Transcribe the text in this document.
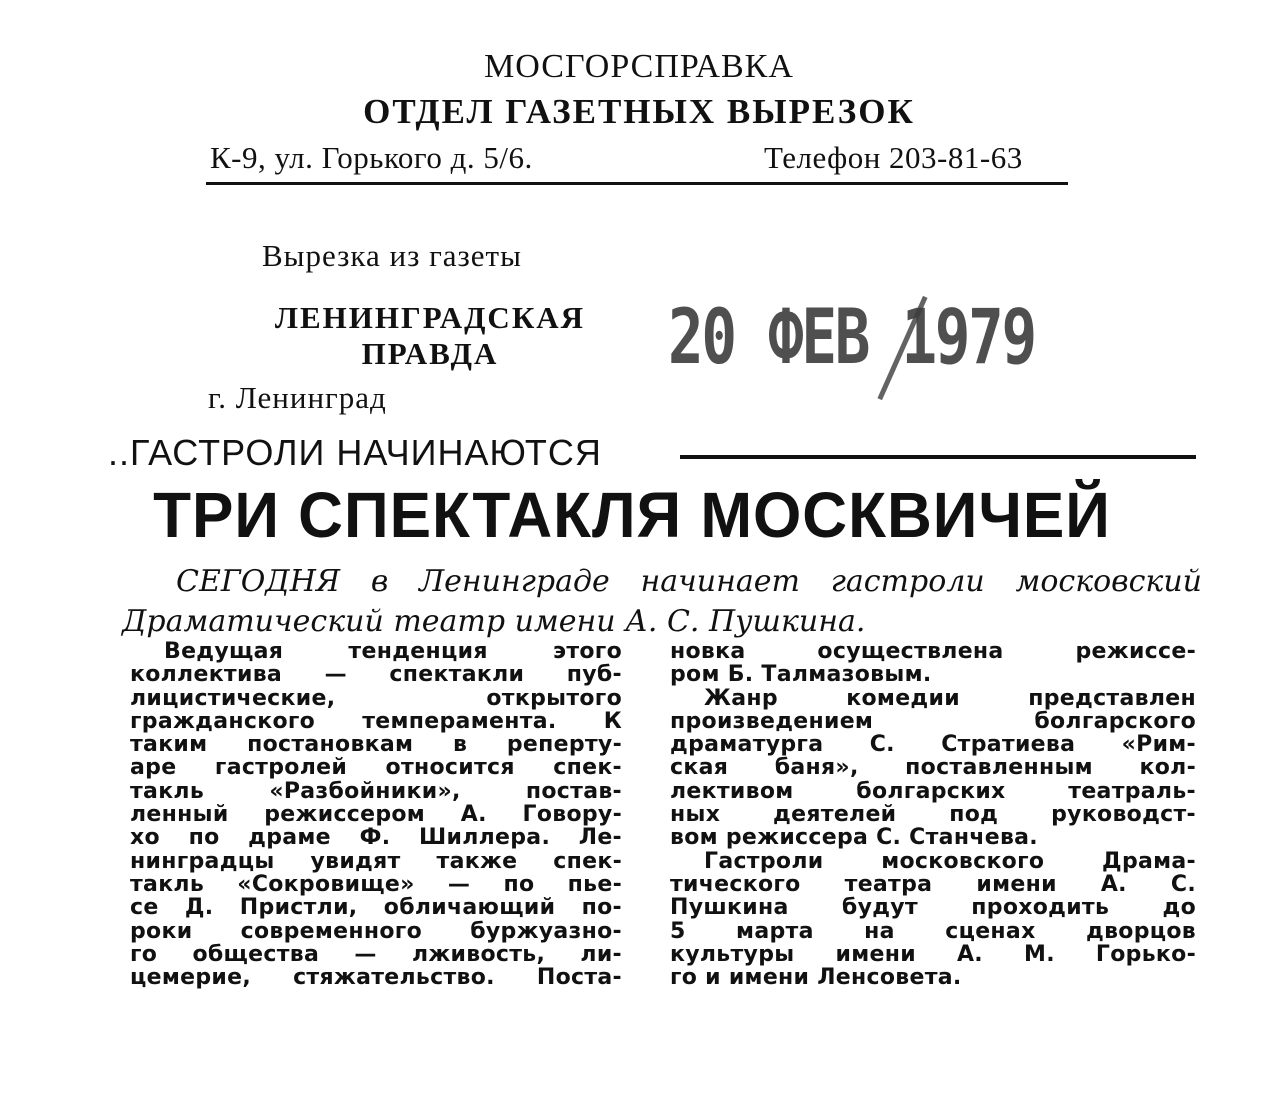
МОСГОРСПРАВКА
ОТДЕЛ ГАЗЕТНЫХ ВЫРЕЗОК
К-9, ул. Горького д. 5/6.	Телефон 203-81-63
Вырезка из газеты
ЛЕНИНГРАДСКАЯ ПРАВДА
г. Ленинград
20 ФЕВ 1979
..ГАСТРОЛИ НАЧИНАЮТСЯ
ТРИ СПЕКТАКЛЯ МОСКВИЧЕЙ
СЕГОДНЯ в Ленинграде начинает гастроли московский
Драматический театр имени А. С. Пушкина.
Ведущая тенденция этого
коллектива — спектакли пуб-
лицистические, открытого
гражданского темперамента. К
таким постановкам в реперту-
аре гастролей относится спек-
такль «Разбойники», постав-
ленный режиссером А. Говору-
хо по драме Ф. Шиллера. Ле-
нинградцы увидят также спек-
такль «Сокровище» — по пье-
се Д. Пристли, обличающий по-
роки современного буржуазно-
го общества — лживость, ли-
цемерие, стяжательство. Поста-
новка осуществлена режиссе-
ром Б. Талмазовым.
Жанр комедии представлен
произведением болгарского
драматурга С. Стратиева «Рим-
ская баня», поставленным кол-
лективом болгарских театраль-
ных деятелей под руководст-
вом режиссера С. Станчева.
Гастроли московского Драма-
тического театра имени А. С.
Пушкина будут проходить до
5 марта на сценах дворцов
культуры имени А. М. Горько-
го и имени Ленсовета.
